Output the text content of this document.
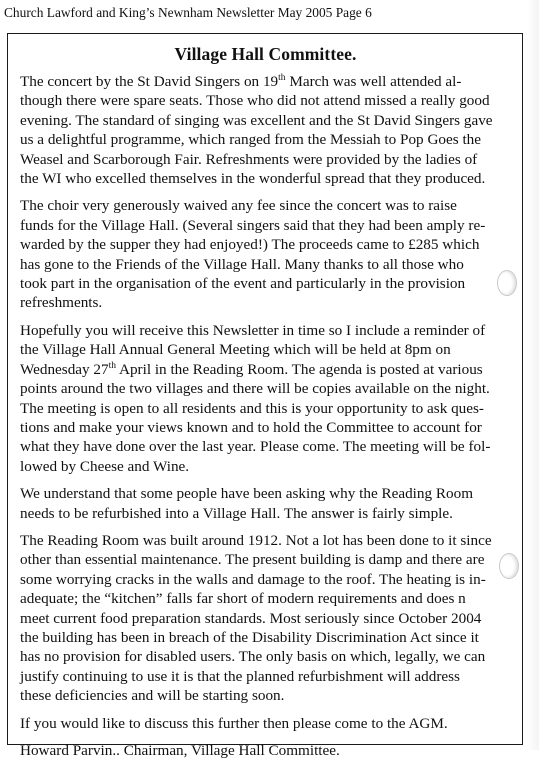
Church Lawford and King’s Newnham Newsletter May 2005 Page 6
Village Hall Committee.

The concert by the St David Singers on 19th March was well attended al-
though there were spare seats. Those who did not attend missed a really good
evening. The standard of singing was excellent and the St David Singers gave
us a delightful programme, which ranged from the Messiah to Pop Goes the
Weasel and Scarborough Fair. Refreshments were provided by the ladies of
the WI who excelled themselves in the wonderful spread that they produced.

The choir very generously waived any fee since the concert was to raise
funds for the Village Hall. (Several singers said that they had been amply re-
warded by the supper they had enjoyed!) The proceeds came to £285 which
has gone to the Friends of the Village Hall. Many thanks to all those who
took part in the organisation of the event and particularly in the provision
refreshments.

Hopefully you will receive this Newsletter in time so I include a reminder of
the Village Hall Annual General Meeting which will be held at 8pm on
Wednesday 27th April in the Reading Room. The agenda is posted at various
points around the two villages and there will be copies available on the night.
The meeting is open to all residents and this is your opportunity to ask ques-
tions and make your views known and to hold the Committee to account for
what they have done over the last year. Please come. The meeting will be fol-
lowed by Cheese and Wine.

We understand that some people have been asking why the Reading Room
needs to be refurbished into a Village Hall. The answer is fairly simple.

The Reading Room was built around 1912. Not a lot has been done to it since
other than essential maintenance. The present building is damp and there are
some worrying cracks in the walls and damage to the roof. The heating is in-
adequate; the “kitchen” falls far short of modern requirements and does n
meet current food preparation standards. Most seriously since October 2004
the building has been in breach of the Disability Discrimination Act since it
has no provision for disabled users. The only basis on which, legally, we can
justify continuing to use it is that the planned refurbishment will address
these deficiencies and will be starting soon.

If you would like to discuss this further then please come to the AGM.

Howard Parvin.. Chairman, Village Hall Committee.
